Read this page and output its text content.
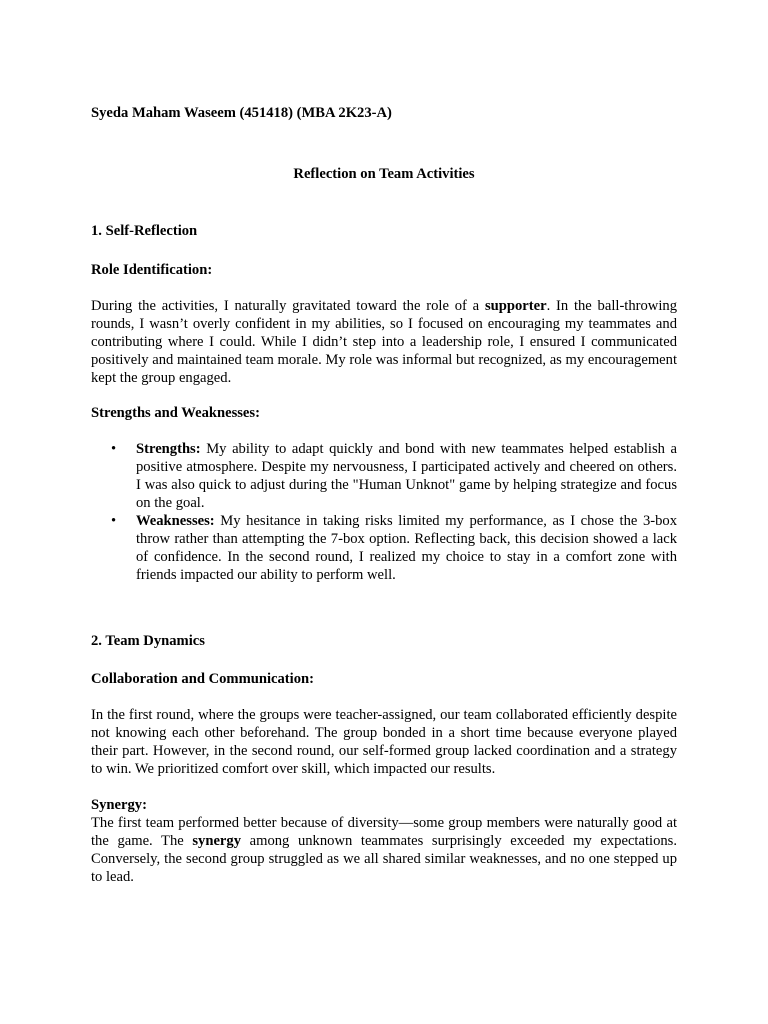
Syeda Maham Waseem (451418) (MBA 2K23-A)

Reflection on Team Activities

1. Self-Reflection

Role Identification:

During the activities, I naturally gravitated toward the role of a supporter. In the ball-throwing rounds, I wasn’t overly confident in my abilities, so I focused on encouraging my teammates and contributing where I could. While I didn’t step into a leadership role, I ensured I communicated positively and maintained team morale. My role was informal but recognized, as my encouragement kept the group engaged.

Strengths and Weaknesses:

• Strengths: My ability to adapt quickly and bond with new teammates helped establish a positive atmosphere. Despite my nervousness, I participated actively and cheered on others. I was also quick to adjust during the "Human Unknot" game by helping strategize and focus on the goal.
• Weaknesses: My hesitance in taking risks limited my performance, as I chose the 3-box throw rather than attempting the 7-box option. Reflecting back, this decision showed a lack of confidence. In the second round, I realized my choice to stay in a comfort zone with friends impacted our ability to perform well.

2. Team Dynamics

Collaboration and Communication:

In the first round, where the groups were teacher-assigned, our team collaborated efficiently despite not knowing each other beforehand. The group bonded in a short time because everyone played their part. However, in the second round, our self-formed group lacked coordination and a strategy to win. We prioritized comfort over skill, which impacted our results.

Synergy:

The first team performed better because of diversity—some group members were naturally good at the game. The synergy among unknown teammates surprisingly exceeded my expectations. Conversely, the second group struggled as we all shared similar weaknesses, and no one stepped up to lead.
